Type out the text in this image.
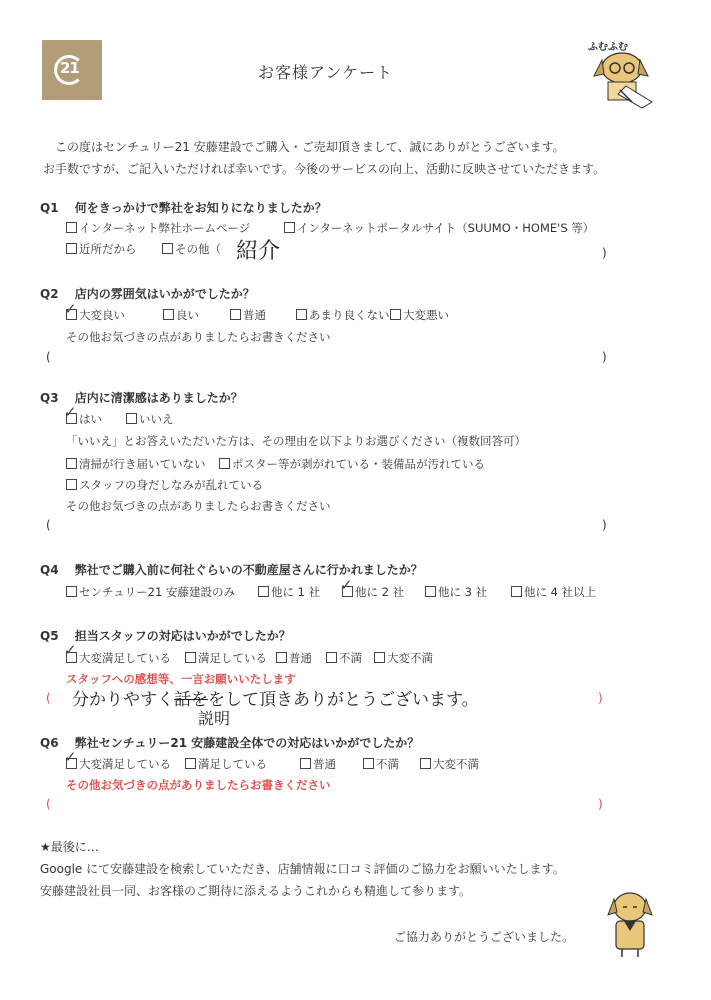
21	お客様アンケート
ふむふむ
この度はセンチュリー21 安藤建設でご購入・ご売却頂きまして、誠にありがとうございます。
お手数ですが、ご記入いただければ幸いです。今後のサービスの向上、活動に反映させていただきます。
Q1 何をきっかけで弊社をお知りになりましたか？
インターネット弊社ホームページ	インターネットポータルサイト（SUUMO・HOME'S 等）
近所だから	その他（ 紹介	)
Q2 店内の雰囲気はいかがでしたか？
✓ 大変良い	良い	普通	あまり良くない	大変悪い
その他お気づきの点がありましたらお書きください
(	)
Q3 店内に清潔感はありましたか？
✓ はい	いいえ
「いいえ」とお答えいただいた方は、その理由を以下よりお選びください（複数回答可）
清掃が行き届いていない	ポスター等が剥がれている・装備品が汚れている
スタッフの身だしなみが乱れている
その他お気づきの点がありましたらお書きください
(	)
Q4 弊社でご購入前に何社ぐらいの不動産屋さんに行かれましたか？
センチュリー21 安藤建設のみ	他に 1 社 ✓ 他に 2 社	他に 3 社	他に 4 社以上
Q5 担当スタッフの対応はいかがでしたか？
✓ 大変満足している	満足している	普通	不満	大変不満
スタッフへの感想等、一言お願いいたします
( 分かりやすく話ををして頂きありがとうございます。
説明
)
Q6 弊社センチュリー21 安藤建設全体での対応はいかがでしたか？
✓ 大変満足している	満足している	普通	不満	大変不満
その他お気づきの点がありましたらお書きください
(	)
★最後に…
Google にて安藤建設を検索していただき、店舗情報に口コミ評価のご協力をお願いいたします。
安藤建設社員一同、お客様のご期待に添えるようこれからも精進して参ります。
ご協力ありがとうございました。
